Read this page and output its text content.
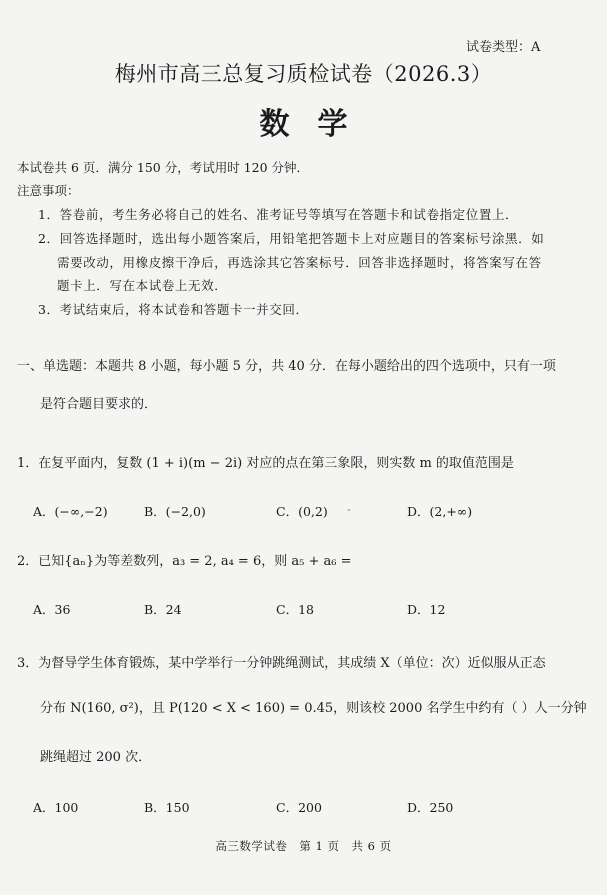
试卷类型：A
梅州市高三总复习质检试卷（2026.3）
数学
本试卷共 6 页．满分 150 分，考试用时 120 分钟．
注意事项：
1．答卷前，考生务必将自己的姓名、准考证号等填写在答题卡和试卷指定位置上．
2．回答选择题时，选出每小题答案后，用铅笔把答题卡上对应题目的答案标号涂黑．如
需要改动，用橡皮擦干净后，再选涂其它答案标号．回答非选择题时，将答案写在答
题卡上．写在本试卷上无效．
3．考试结束后，将本试卷和答题卡一并交回．
一、单选题：本题共 8 小题，每小题 5 分，共 40 分．在每小题给出的四个选项中，只有一项
是符合题目要求的．
1．在复平面内，复数 (1 + i)(m − 2i) 对应的点在第三象限，则实数 m 的取值范围是
A．(−∞,−2)	B．(−2,0)	C．(0,2) -	D．(2,+∞)
2．已知{aₙ}为等差数列，a₃ = 2, a₄ = 6，则 a₅ + a₆ =
A．36	B．24	C．18	D．12
3．为督导学生体育锻炼，某中学举行一分钟跳绳测试，其成绩 X（单位：次）近似服从正态
分布 N(160, σ²)，且 P(120 < X < 160) = 0.45，则该校 2000 名学生中约有（ ）人一分钟
跳绳超过 200 次．
A．100	B．150	C．200	D．250
高三数学试卷　第 1 页　共 6 页
